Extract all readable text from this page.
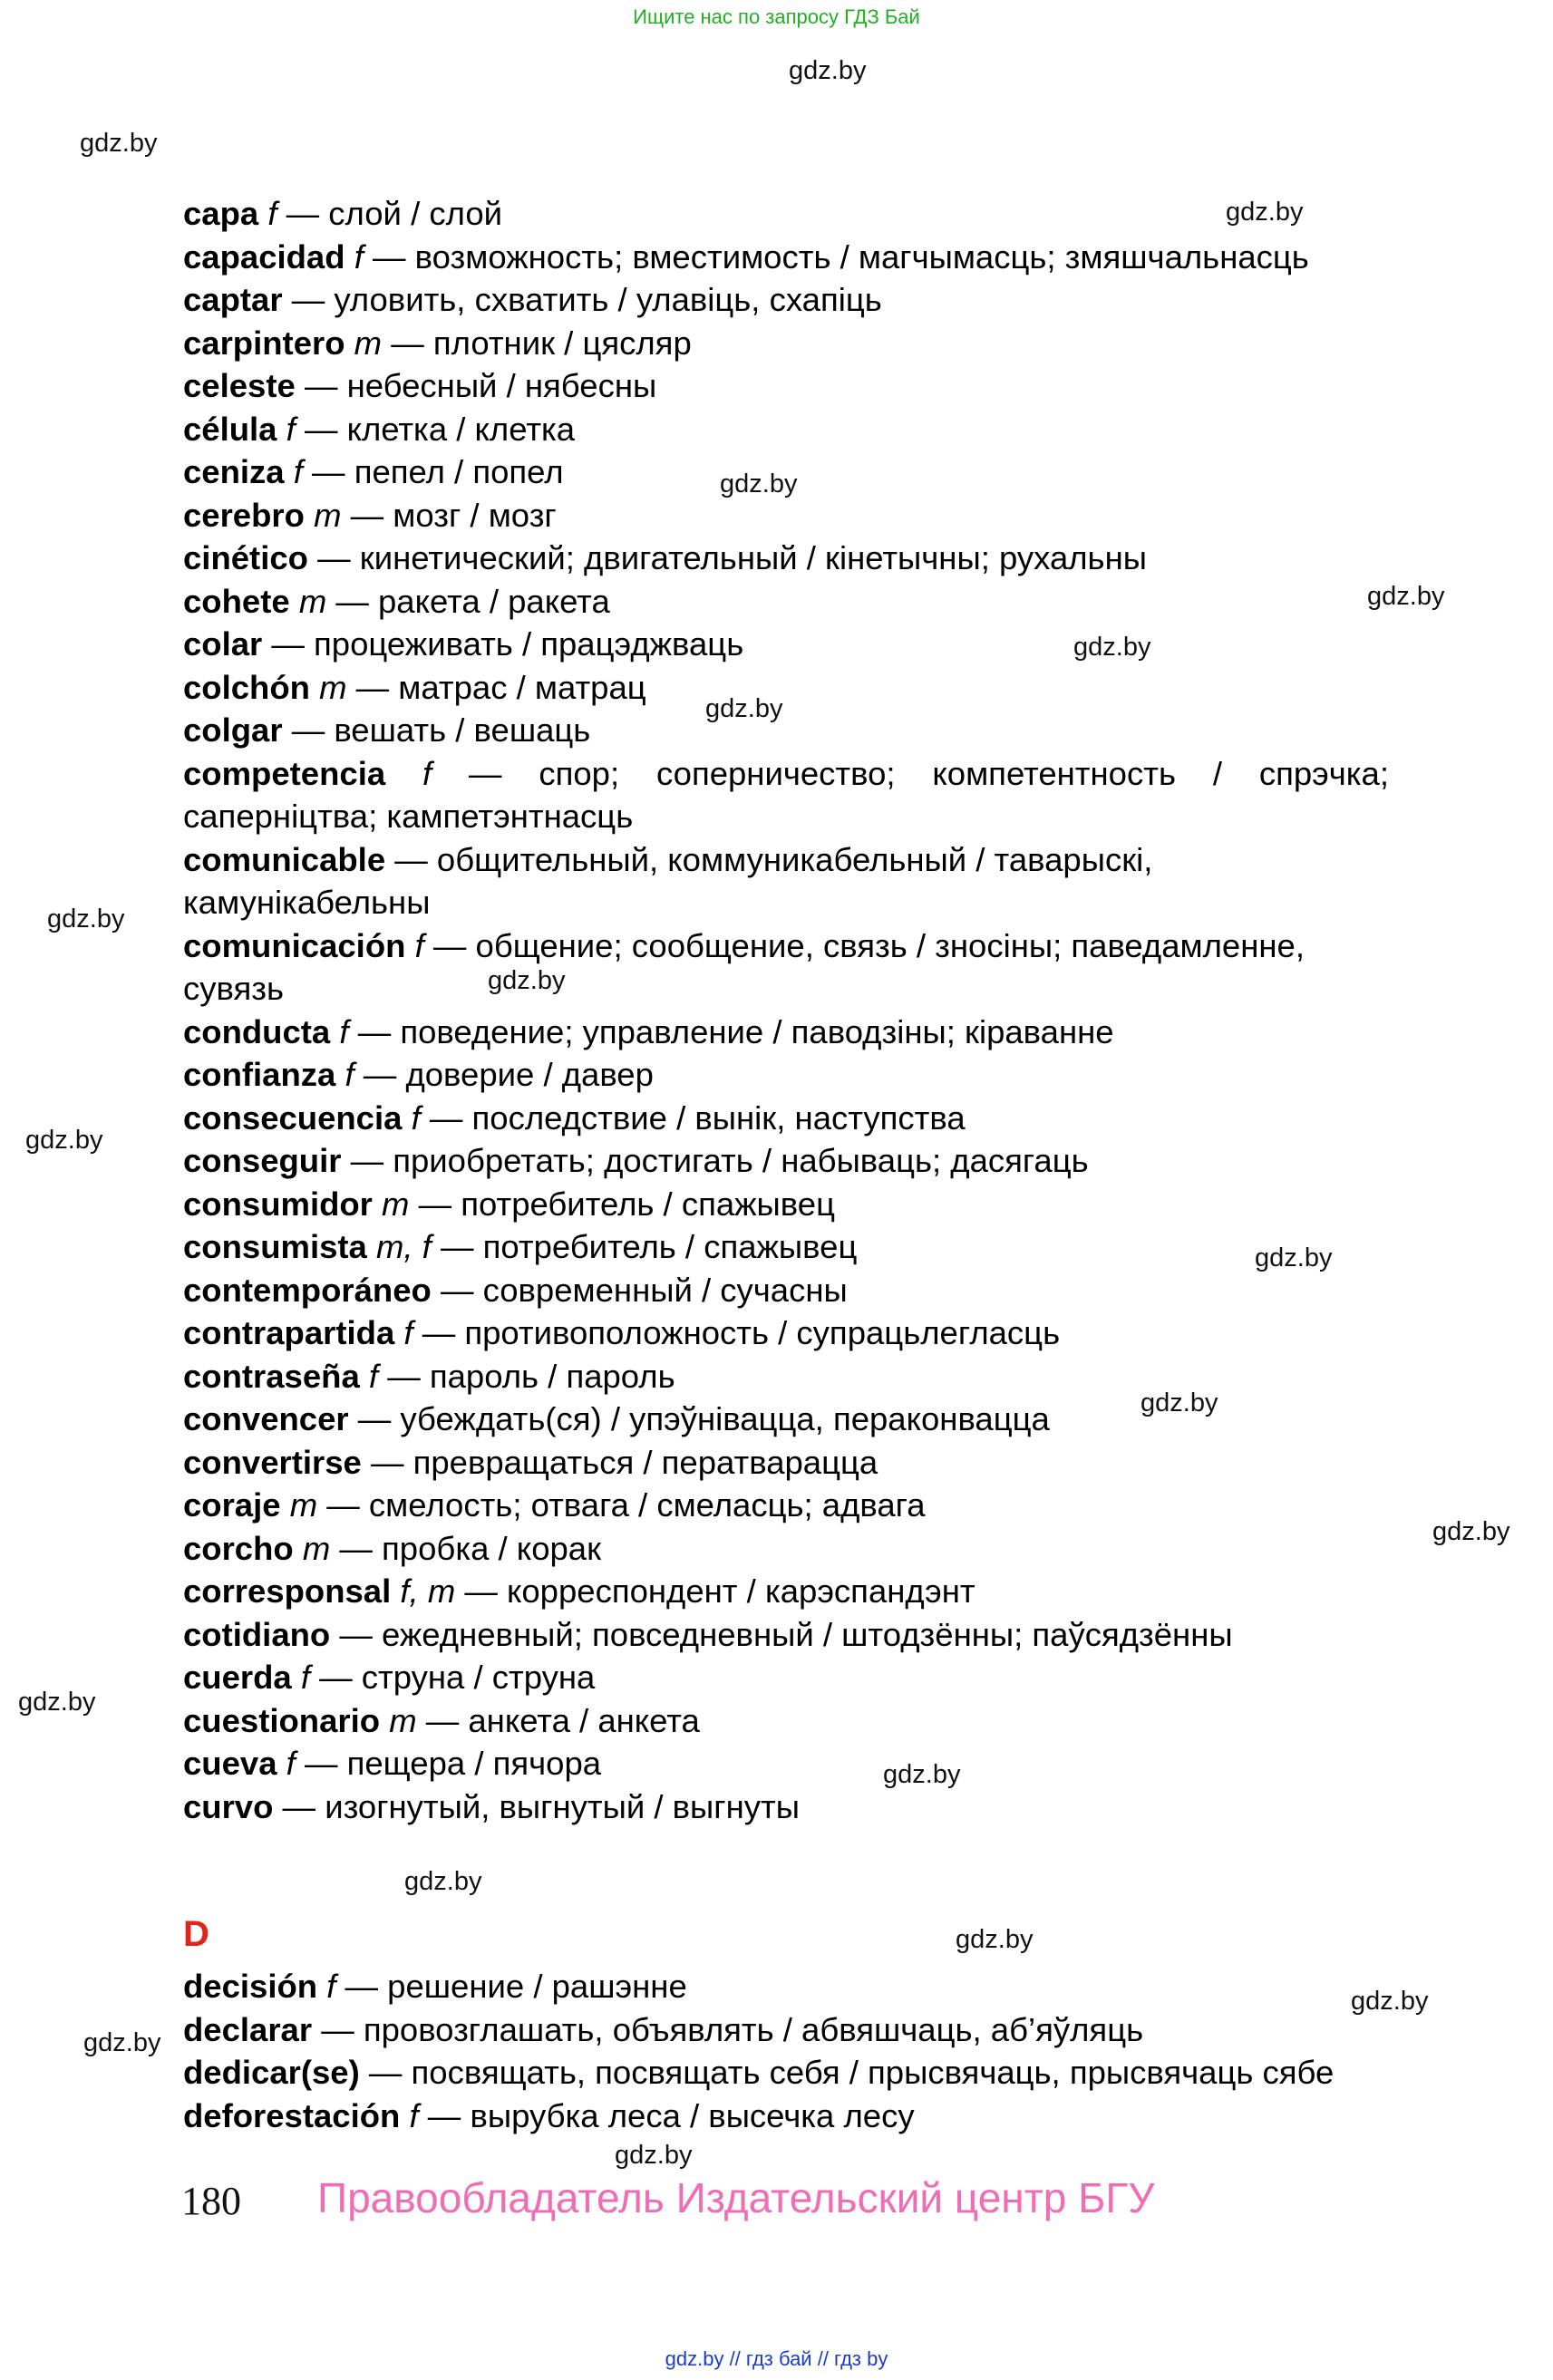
Ищите нас по запросу ГДЗ Бай
gdz.by
gdz.by
gdz.by
gdz.by
gdz.by
gdz.by
gdz.by
gdz.by
gdz.by
gdz.by
gdz.by
gdz.by
gdz.by
gdz.by
gdz.by
gdz.by
gdz.by
gdz.by
gdz.by
gdz.by

capa f — слой / слой

capacidad f — возможность; вместимость / магчымасць; змяшчальнасць

captar — уловить, схватить / улавіць, схапіць

carpintero m — плотник / цясляр

celeste — небесный / нябесны

célula f — клетка / клетка

ceniza f — пепел / попел

cerebro m — мозг / мозг

cinético — кинетический; двигательный / кінетычны; рухальны

cohete m — ракета / ракета

colar — процеживать / працэджваць

colchón m — матрас / матрац

colgar — вешать / вешаць

competencia f — спор; соперничество; компетентность / спрэчка; саперніцтва; кампетэнтнасць

comunicable — общительный, коммуникабельный / таварыскі, камунікабельны

comunicación f — общение; сообщение, связь / зносіны; паведамленне, сувязь

conducta f — поведение; управление / паводзіны; кіраванне

confianza f — доверие / давер

consecuencia f — последствие / вынік, наступства

conseguir — приобретать; достигать / набываць; дасягаць

consumidor m — потребитель / спажывец

consumista m, f — потребитель / спажывец

contemporáneo — современный / сучасны

contrapartida f — противоположность / супрацьлегласць

contraseña f — пароль / пароль

convencer — убеждать(ся) / упэўнівацца, пераконвацца

convertirse — превращаться / ператварацца

coraje m — смелость; отвага / смеласць; адвага

corcho m — пробка / корак

corresponsal f, m — корреспондент / карэспандэнт

cotidiano — ежедневный; повседневный / штодзённы; паўсядзённы

cuerda f — струна / струна

cuestionario m — анкета / анкета

cueva f — пещера / пячора

curvo — изогнутый, выгнутый / выгнуты

D

decisión f — решение / рашэнне

declarar — провозглашать, объявлять / абвяшчаць, аб’яўляць

dedicar(se) — посвящать, посвящать себя / прысвячаць, прысвячаць сябе

deforestación f — вырубка леса / высечка лесу

180 Правообладатель Издательский центр БГУ
gdz.by // гдз бай // гдз by
